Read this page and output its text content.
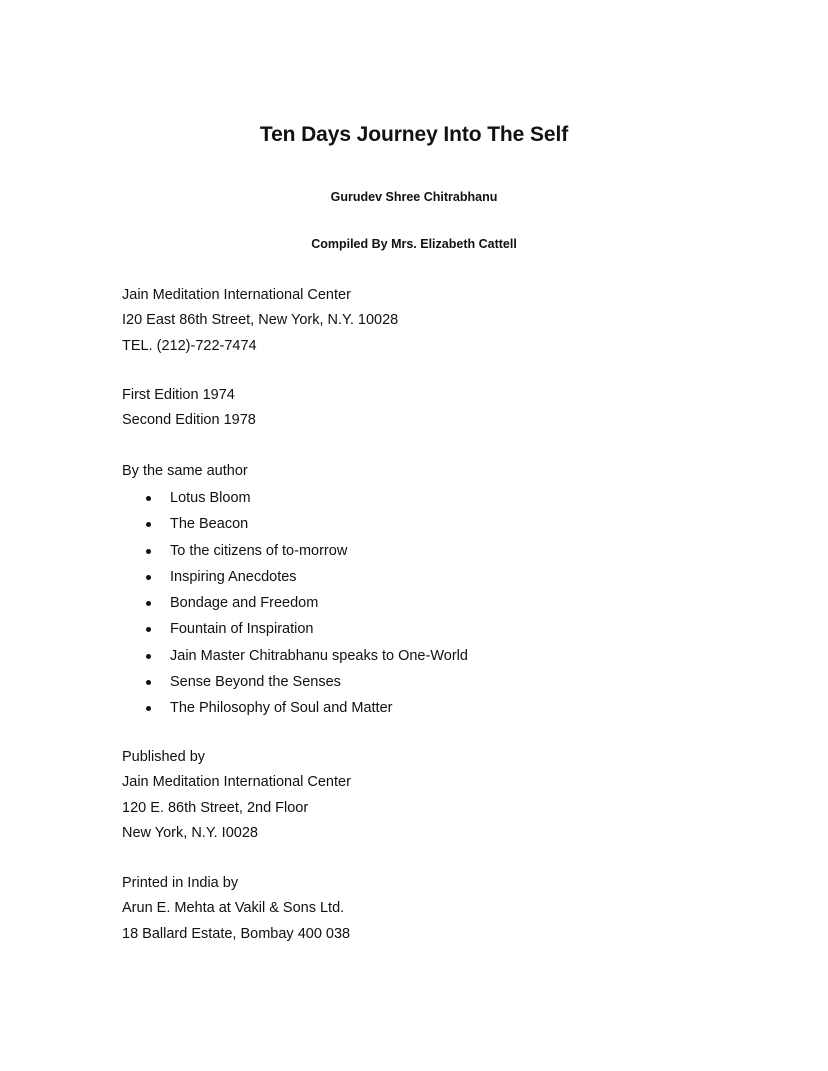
Ten Days Journey Into The Self
Gurudev Shree Chitrabhanu
Compiled By Mrs. Elizabeth Cattell
Jain Meditation International Center
I20 East 86th Street, New York, N.Y. 10028
TEL. (212)-722-7474
First Edition 1974
Second Edition 1978
By the same author
Lotus Bloom
The Beacon
To the citizens of to-morrow
Inspiring Anecdotes
Bondage and Freedom
Fountain of Inspiration
Jain Master Chitrabhanu speaks to One-World
Sense Beyond the Senses
The Philosophy of Soul and Matter
Published by
Jain Meditation International Center
120 E. 86th Street, 2nd Floor
New York, N.Y. I0028
Printed in India by
Arun E. Mehta at Vakil & Sons Ltd.
18 Ballard Estate, Bombay 400 038
